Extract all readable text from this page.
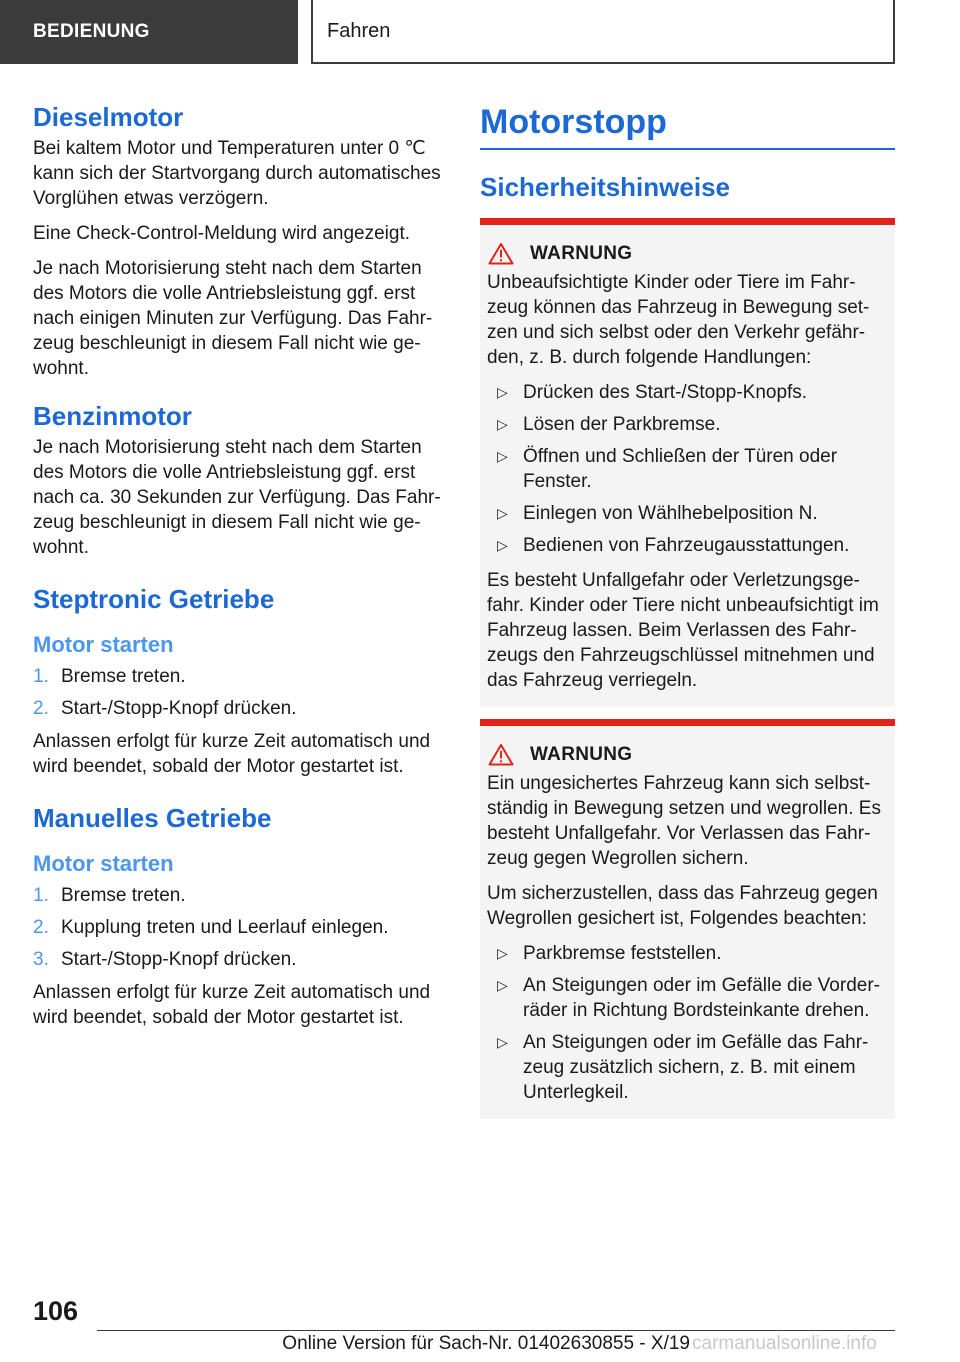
BEDIENUNG	Fahren
Dieselmotor

Bei kaltem Motor und Temperaturen unter 0 ℃ kann sich der Startvorgang durch automatisches Vorglühen etwas verzögern.

Eine Check-Control-Meldung wird angezeigt.

Je nach Motorisierung steht nach dem Starten des Motors die volle Antriebsleistung ggf. erst nach einigen Minuten zur Verfügung. Das Fahrzeug beschleunigt in diesem Fall nicht wie gewohnt.

Benzinmotor

Je nach Motorisierung steht nach dem Starten des Motors die volle Antriebsleistung ggf. erst nach ca. 30 Sekunden zur Verfügung. Das Fahrzeug beschleunigt in diesem Fall nicht wie gewohnt.

Steptronic Getriebe
Motor starten
1. Bremse treten.
2. Start-/Stopp-Knopf drücken.

Anlassen erfolgt für kurze Zeit automatisch und wird beendet, sobald der Motor gestartet ist.

Manuelles Getriebe
Motor starten
1. Bremse treten.
2. Kupplung treten und Leerlauf einlegen.
3. Start-/Stopp-Knopf drücken.

Anlassen erfolgt für kurze Zeit automatisch und wird beendet, sobald der Motor gestartet ist.

Motorstopp
Sicherheitshinweise
WARNUNG

Unbeaufsichtigte Kinder oder Tiere im Fahrzeug können das Fahrzeug in Bewegung setzen und sich selbst oder den Verkehr gefährden, z. B. durch folgende Handlungen:

▷ Drücken des Start-/Stopp-Knopfs.
▷ Lösen der Parkbremse.
▷ Öffnen und Schließen der Türen oder Fenster.
▷ Einlegen von Wählhebelposition N.
▷ Bedienen von Fahrzeugausstattungen.

Es besteht Unfallgefahr oder Verletzungsgefahr. Kinder oder Tiere nicht unbeaufsichtigt im Fahrzeug lassen. Beim Verlassen des Fahrzeugs den Fahrzeugschlüssel mitnehmen und das Fahrzeug verriegeln.

WARNUNG

Ein ungesichertes Fahrzeug kann sich selbstständig in Bewegung setzen und wegrollen. Es besteht Unfallgefahr. Vor Verlassen das Fahrzeug gegen Wegrollen sichern.

Um sicherzustellen, dass das Fahrzeug gegen Wegrollen gesichert ist, Folgendes beachten:

▷ Parkbremse feststellen.
▷ An Steigungen oder im Gefälle die Vorderräder in Richtung Bordsteinkante drehen.
▷ An Steigungen oder im Gefälle das Fahrzeug zusätzlich sichern, z. B. mit einem Unterlegkeil.
106
carmanualsonline.info
Online Version für Sach-Nr. 01402630855 - X/19
